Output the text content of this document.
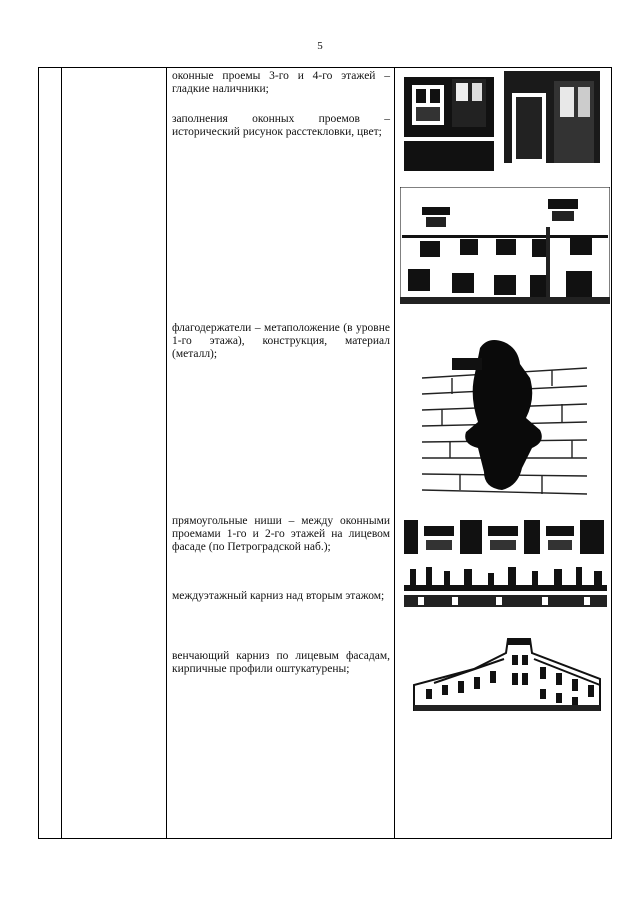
5
оконные проемы 3-го и 4-го этажей – гладкие наличники;
заполнения оконных проемов – исторический рисунок расстекловки, цвет;
флагодержатели – метаположение (в уровне 1-го этажа), конструкция, материал (металл);
прямоугольные ниши – между оконными проемами 1-го и 2-го этажей на лицевом фасаде (по Петроградской наб.);
междуэтажный карниз над вторым этажом;
венчающий карниз по лицевым фасадам, кирпичные профили оштукатурены;
